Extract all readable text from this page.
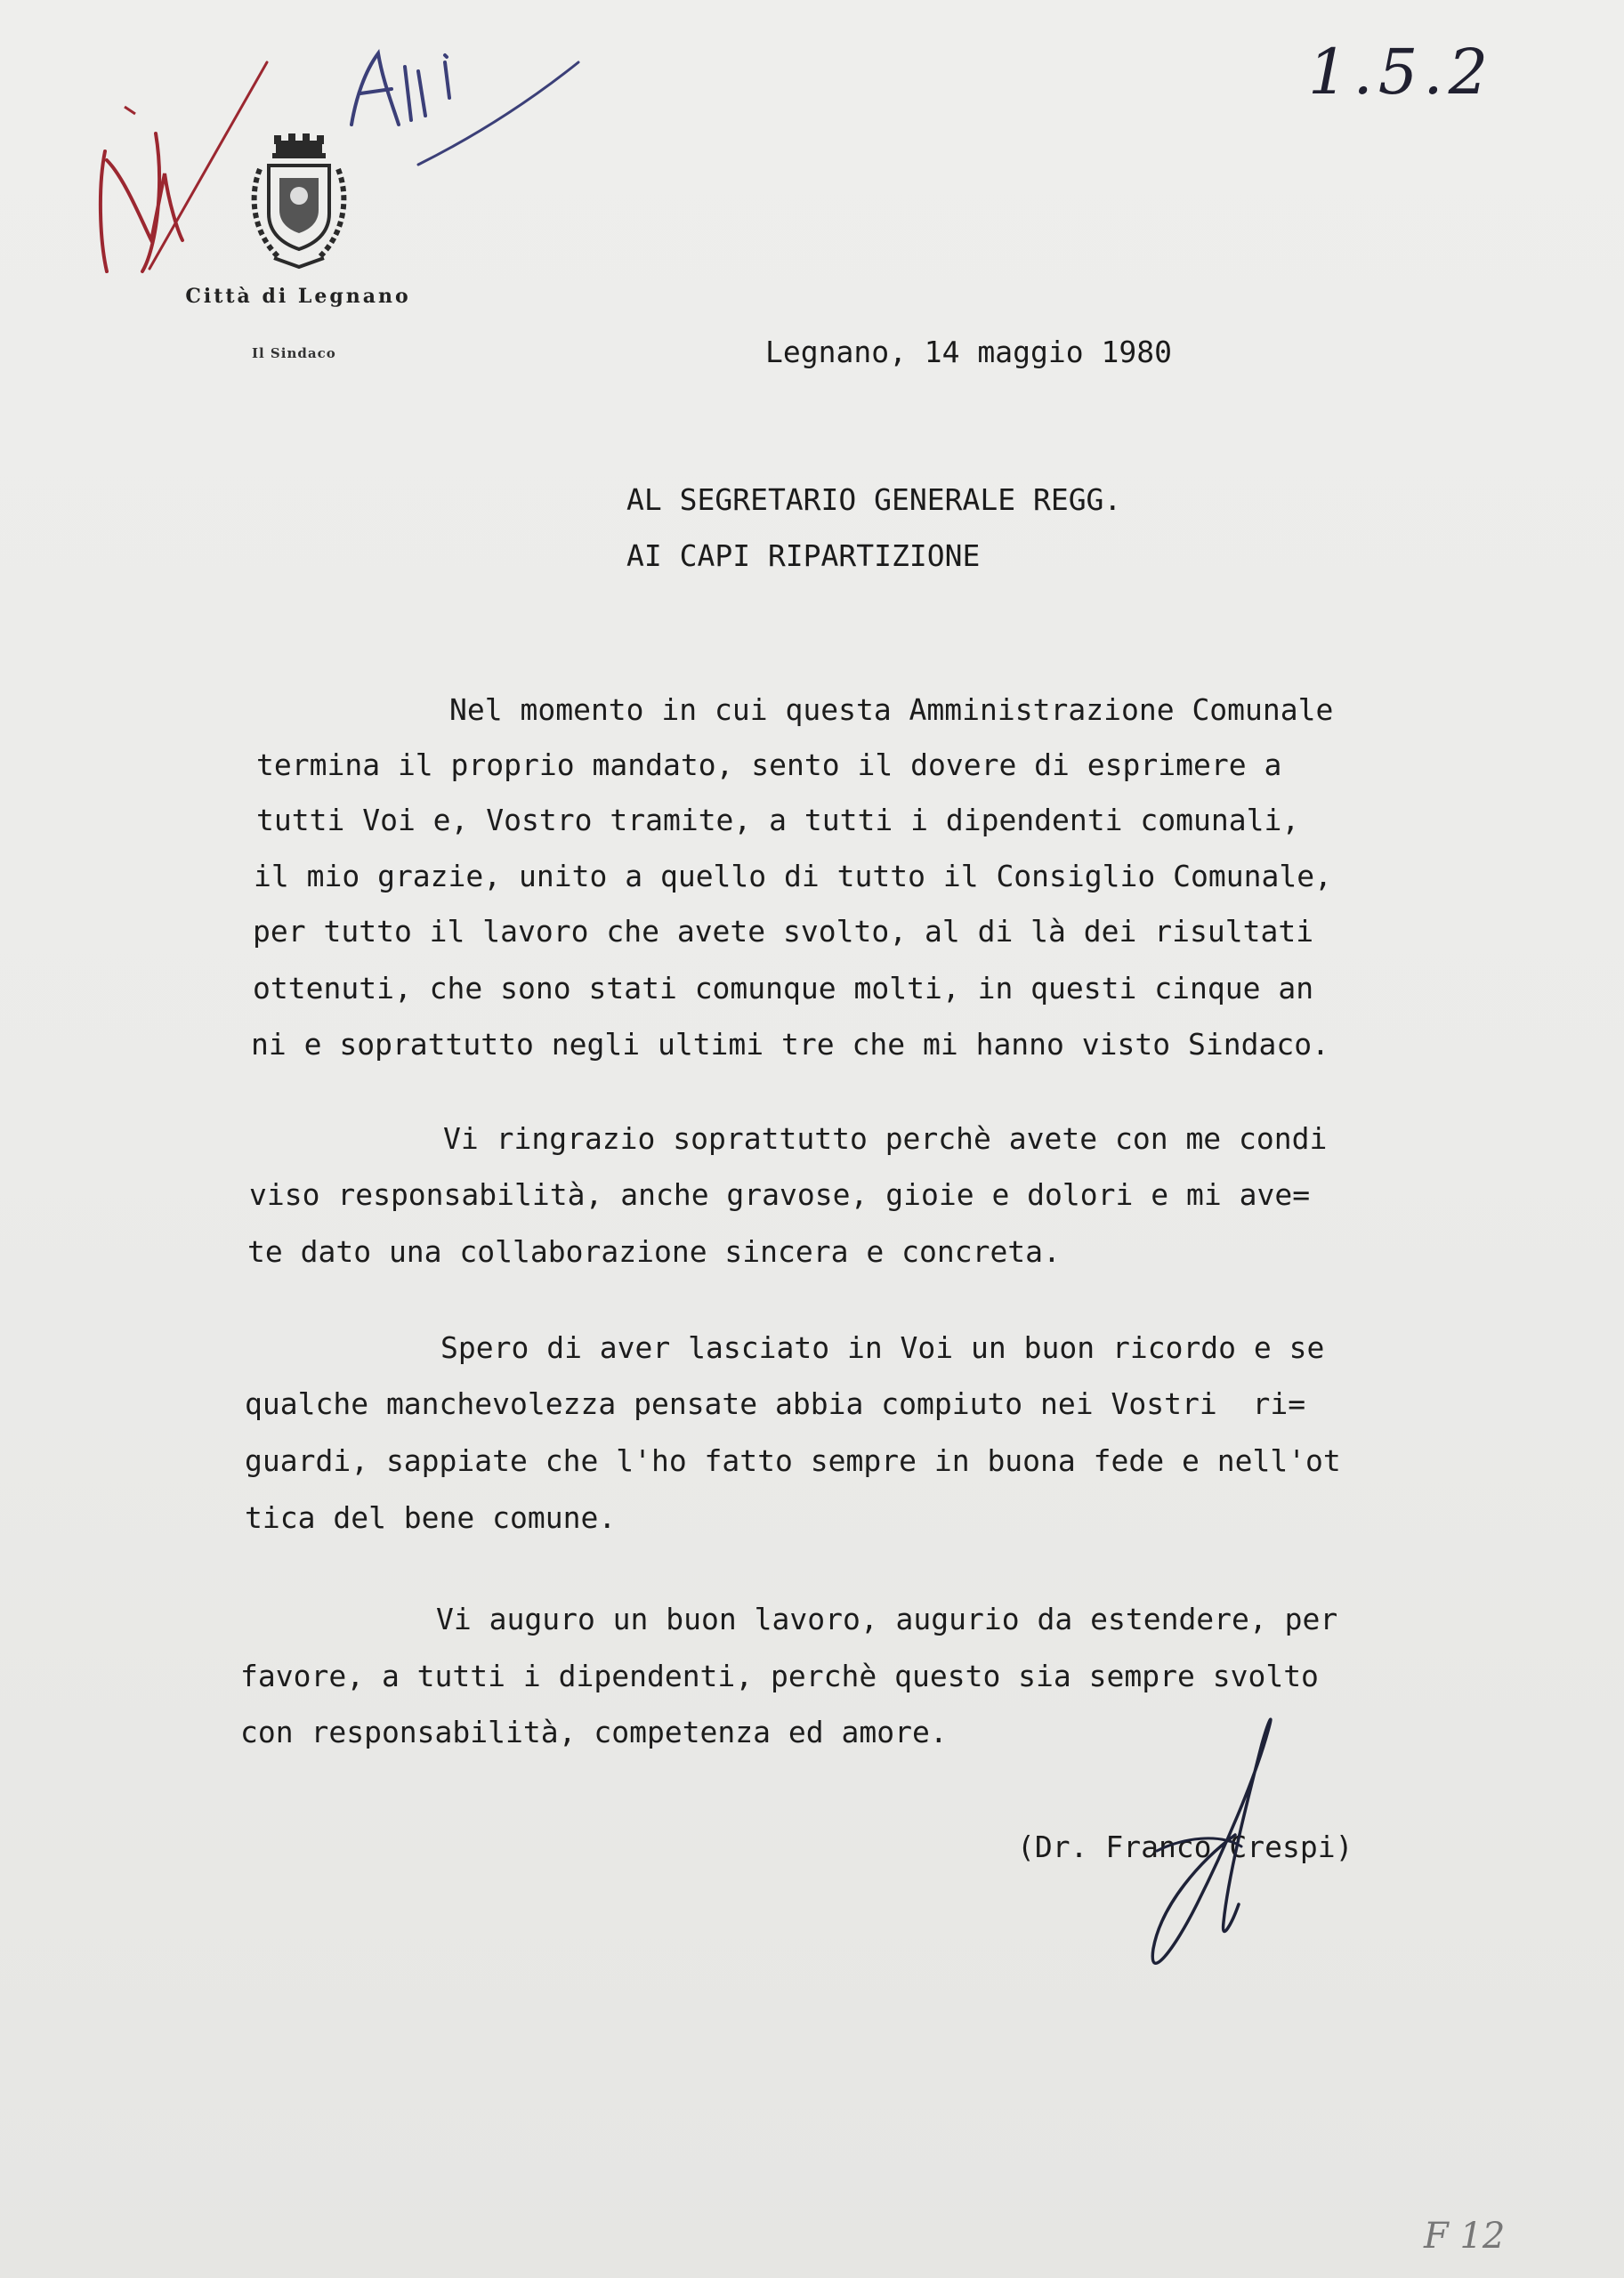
1.5.2
F 12
Città di Legnano
Il Sindaco	Legnano, 14 maggio 1980
AL SEGRETARIO GENERALE REGG.
AI CAPI RIPARTIZIONE
Nel momento in cui questa Amministrazione Comunale
termina il proprio mandato, sento il dovere di esprimere a
tutti Voi e, Vostro tramite, a tutti i dipendenti comunali,
il mio grazie, unito a quello di tutto il Consiglio Comunale,
per tutto il lavoro che avete svolto, al di là dei risultati
ottenuti, che sono stati comunque molti, in questi cinque an
ni e soprattutto negli ultimi tre che mi hanno visto Sindaco.
Vi ringrazio soprattutto perchè avete con me condi
viso responsabilità, anche gravose, gioie e dolori e mi ave=
te dato una collaborazione sincera e concreta.
Spero di aver lasciato in Voi un buon ricordo e se
qualche manchevolezza pensate abbia compiuto nei Vostri  ri=
guardi, sappiate che l'ho fatto sempre in buona fede e nell'ot
tica del bene comune.
Vi auguro un buon lavoro, augurio da estendere, per
favore, a tutti i dipendenti, perchè questo sia sempre svolto
con responsabilità, competenza ed amore.
(Dr. Franco Crespi)
